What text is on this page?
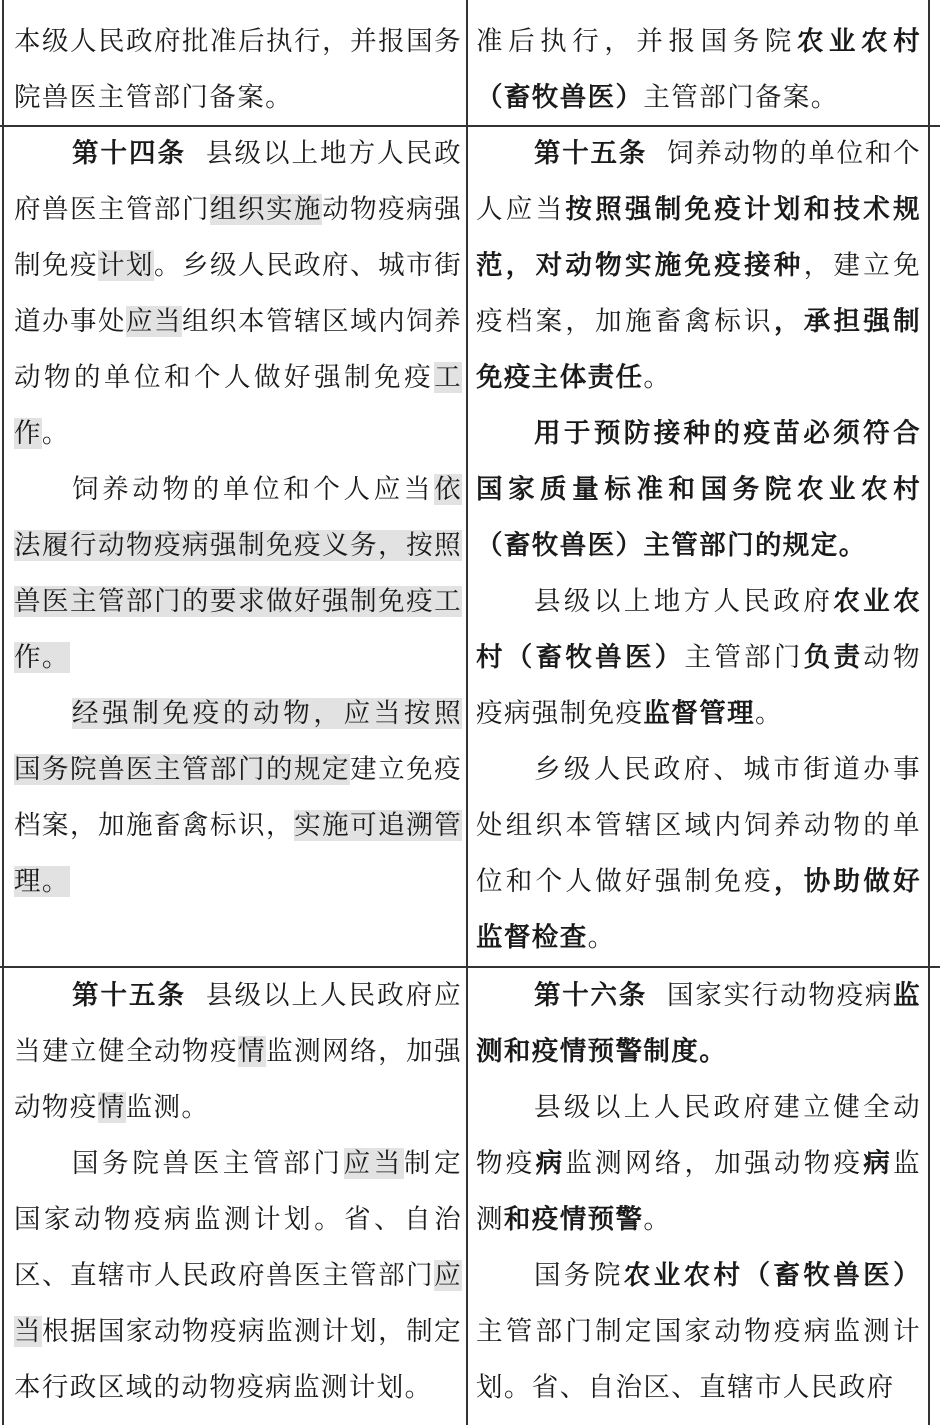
本级人民政府批准后执行，并报国务院兽医主管部门备案。

准后执行，并报国务院农业农村（畜牧兽医）主管部门备案。

第十四条 县级以上地方人民政府兽医主管部门组织实施动物疫病强制免疫计划。乡级人民政府、城市街道办事处应当组织本管辖区域内饲养动物的单位和个人做好强制免疫工作。

饲养动物的单位和个人应当依法履行动物疫病强制免疫义务，按照兽医主管部门的要求做好强制免疫工作。

经强制免疫的动物，应当按照国务院兽医主管部门的规定建立免疫档案，加施畜禽标识，实施可追溯管理。

第十五条 饲养动物的单位和个人应当按照强制免疫计划和技术规范，对动物实施免疫接种，建立免疫档案，加施畜禽标识，承担强制免疫主体责任。

用于预防接种的疫苗必须符合国家质量标准和国务院农业农村（畜牧兽医）主管部门的规定。

县级以上地方人民政府农业农村（畜牧兽医）主管部门负责动物疫病强制免疫监督管理。

乡级人民政府、城市街道办事处组织本管辖区域内饲养动物的单位和个人做好强制免疫，协助做好监督检查。

第十五条 县级以上人民政府应当建立健全动物疫情监测网络，加强动物疫情监测。

国务院兽医主管部门应当制定国家动物疫病监测计划。省、自治区、直辖市人民政府兽医主管部门应当根据国家动物疫病监测计划，制定本行政区域的动物疫病监测计划。

第十六条 国家实行动物疫病监测和疫情预警制度。

县级以上人民政府建立健全动物疫病监测网络，加强动物疫病监测和疫情预警。

国务院农业农村（畜牧兽医）主管部门制定国家动物疫病监测计划。省、自治区、直辖市人民政府
